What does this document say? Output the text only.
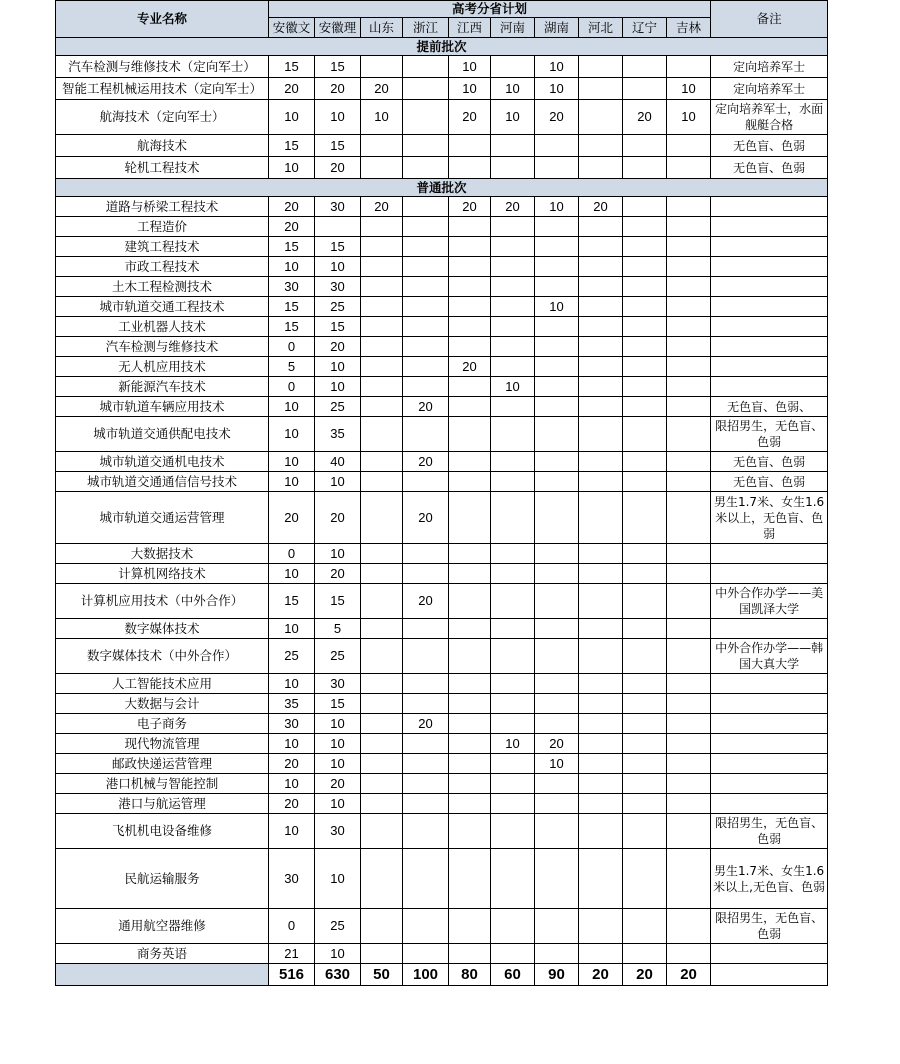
专业名称	高考分省计划										备注
	安徽文	安徽理	山东	浙江	江西	河南	湖南	河北	辽宁	吉林	
提前批次											
汽车检测与维修技术（定向军士）	15	15			10		10				定向培养军士
智能工程机械运用技术（定向军士）	20	20	20		10	10	10			10	定向培养军士
航海技术（定向军士）	10	10	10		20	10	20		20	10	定向培养军士，水面舰艇合格
航海技术	15	15									无色盲、色弱
轮机工程技术	10	20									无色盲、色弱
普通批次											
道路与桥梁工程技术	20	30	20		20	20	10	20			
工程造价	20										
建筑工程技术	15	15									
市政工程技术	10	10									
土木工程检测技术	30	30									
城市轨道交通工程技术	15	25					10				
工业机器人技术	15	15									
汽车检测与维修技术	0	20									
无人机应用技术	5	10			20						
新能源汽车技术	0	10				10					
城市轨道车辆应用技术	10	25		20							无色盲、色弱、
城市轨道交通供配电技术	10	35									限招男生，无色盲、色弱
城市轨道交通机电技术	10	40		20							无色盲、色弱
城市轨道交通通信信号技术	10	10									无色盲、色弱
城市轨道交通运营管理	20	20		20							男生1.7米、女生1.6米以上，无色盲、色弱
大数据技术	0	10									
计算机网络技术	10	20									
计算机应用技术（中外合作）	15	15		20							中外合作办学——美国凯泽大学
数字媒体技术	10	5									
数字媒体技术（中外合作）	25	25									中外合作办学——韩国大真大学
人工智能技术应用	10	30									
大数据与会计	35	15									
电子商务	30	10		20							
现代物流管理	10	10				10	20				
邮政快递运营管理	20	10					10				
港口机械与智能控制	10	20									
港口与航运管理	20	10									
飞机机电设备维修	10	30									限招男生，无色盲、色弱
民航运输服务	30	10									男生1.7米、女生1.6米以上,无色盲、色弱
通用航空器维修	0	25									限招男生，无色盲、色弱
商务英语	21	10									
	516	630	50	100	80	60	90	20	20	20	
